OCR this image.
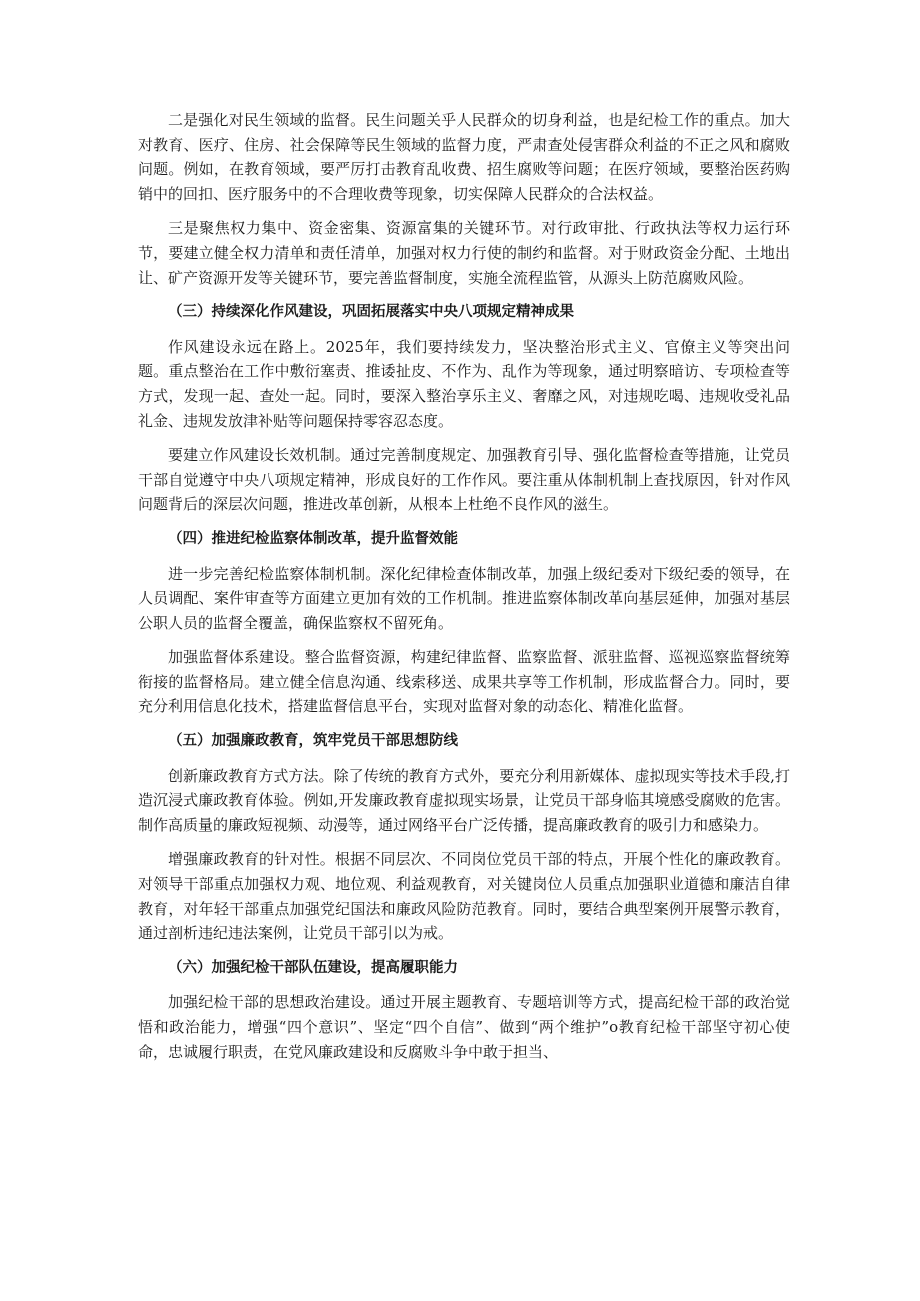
二是强化对民生领域的监督。民生问题关乎人民群众的切身利益，也是纪检工作的重点。加大对教育、医疗、住房、社会保障等民生领域的监督力度，严肃查处侵害群众利益的不正之风和腐败问题。例如，在教育领域，要严厉打击教育乱收费、招生腐败等问题；在医疗领域，要整治医药购销中的回扣、医疗服务中的不合理收费等现象，切实保障人民群众的合法权益。

三是聚焦权力集中、资金密集、资源富集的关键环节。对行政审批、行政执法等权力运行环节，要建立健全权力清单和责任清单，加强对权力行使的制约和监督。对于财政资金分配、土地出让、矿产资源开发等关键环节，要完善监督制度，实施全流程监管，从源头上防范腐败风险。

（三）持续深化作风建设，巩固拓展落实中央八项规定精神成果

作风建设永远在路上。2025年，我们要持续发力，坚决整治形式主义、官僚主义等突出问题。重点整治在工作中敷衍塞责、推诿扯皮、不作为、乱作为等现象，通过明察暗访、专项检查等方式，发现一起、查处一起。同时，要深入整治享乐主义、奢靡之风，对违规吃喝、违规收受礼品礼金、违规发放津补贴等问题保持零容忍态度。

要建立作风建设长效机制。通过完善制度规定、加强教育引导、强化监督检查等措施，让党员干部自觉遵守中央八项规定精神，形成良好的工作作风。要注重从体制机制上查找原因，针对作风问题背后的深层次问题，推进改革创新，从根本上杜绝不良作风的滋生。

（四）推进纪检监察体制改革，提升监督效能

进一步完善纪检监察体制机制。深化纪律检查体制改革，加强上级纪委对下级纪委的领导，在人员调配、案件审查等方面建立更加有效的工作机制。推进监察体制改革向基层延伸，加强对基层公职人员的监督全覆盖，确保监察权不留死角。

加强监督体系建设。整合监督资源，构建纪律监督、监察监督、派驻监督、巡视巡察监督统筹衔接的监督格局。建立健全信息沟通、线索移送、成果共享等工作机制，形成监督合力。同时，要充分利用信息化技术，搭建监督信息平台，实现对监督对象的动态化、精准化监督。

（五）加强廉政教育，筑牢党员干部思想防线

创新廉政教育方式方法。除了传统的教育方式外，要充分利用新媒体、虚拟现实等技术手段,打造沉浸式廉政教育体验。例如,开发廉政教育虚拟现实场景，让党员干部身临其境感受腐败的危害。制作高质量的廉政短视频、动漫等，通过网络平台广泛传播，提高廉政教育的吸引力和感染力。

增强廉政教育的针对性。根据不同层次、不同岗位党员干部的特点，开展个性化的廉政教育。对领导干部重点加强权力观、地位观、利益观教育，对关键岗位人员重点加强职业道德和廉洁自律教育，对年轻干部重点加强党纪国法和廉政风险防范教育。同时，要结合典型案例开展警示教育，通过剖析违纪违法案例，让党员干部引以为戒。

（六）加强纪检干部队伍建设，提高履职能力

加强纪检干部的思想政治建设。通过开展主题教育、专题培训等方式，提高纪检干部的政治觉悟和政治能力，增强“四个意识”、坚定“四个自信”、做到“两个维护”o教育纪检干部坚守初心使命，忠诚履行职责，在党风廉政建设和反腐败斗争中敢于担当、
